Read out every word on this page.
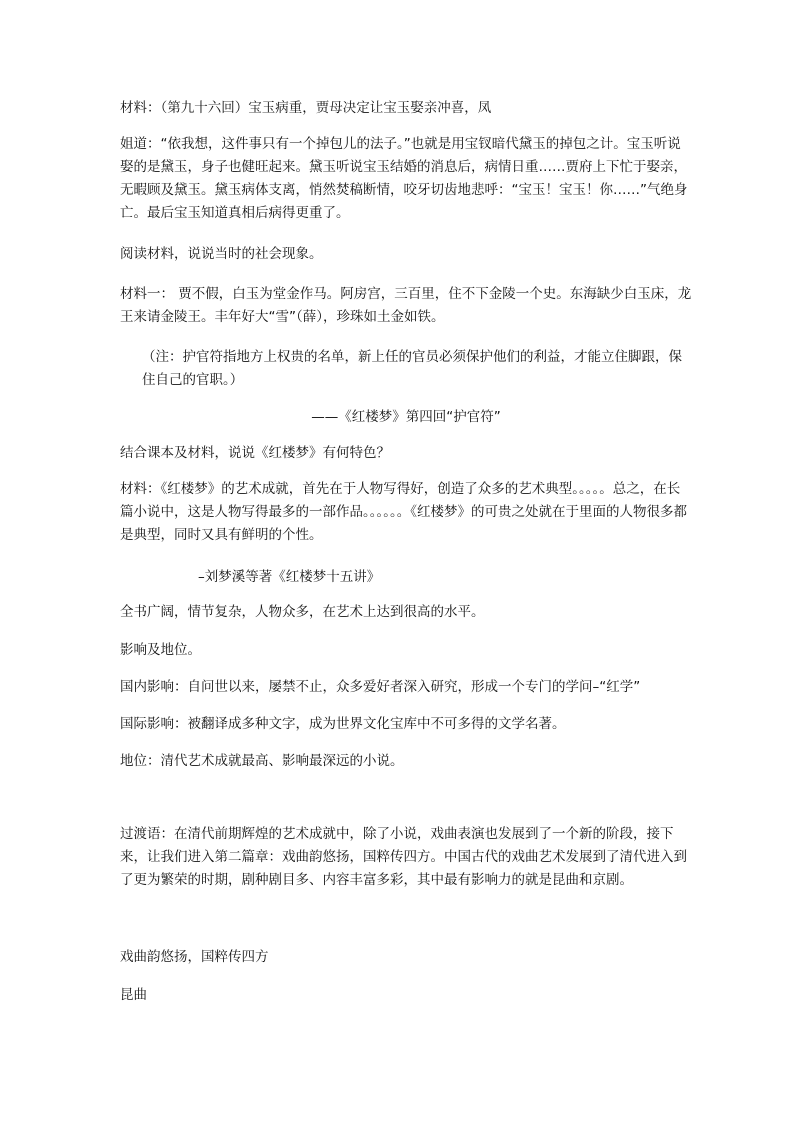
材料：（第九十六回）宝玉病重，贾母决定让宝玉娶亲冲喜，凤

姐道：“依我想，这件事只有一个掉包儿的法子。”也就是用宝钗暗代黛玉的掉包之计。宝玉听说娶的是黛玉，身子也健旺起来。黛玉听说宝玉结婚的消息后，病情日重……贾府上下忙于娶亲，无暇顾及黛玉。黛玉病体支离，悄然焚稿断情，咬牙切齿地悲呼：“宝玉！宝玉！你……”气绝身亡。最后宝玉知道真相后病得更重了。

阅读材料，说说当时的社会现象。

材料一： 贾不假，白玉为堂金作马。阿房宫，三百里，住不下金陵一个史。东海缺少白玉床，龙王来请金陵王。丰年好大“雪”（薛），珍珠如土金如铁。

（注：护官符指地方上权贵的名单，新上任的官员必须保护他们的利益，才能立住脚跟，保住自己的官职。）

——《红楼梦》第四回“护官符”

结合课本及材料，说说《红楼梦》有何特色？

材料：《红楼梦》的艺术成就，首先在于人物写得好，创造了众多的艺术典型。。。。。总之，在长篇小说中，这是人物写得最多的一部作品。。。。。。《红楼梦》的可贵之处就在于里面的人物很多都是典型，同时又具有鲜明的个性。

–刘梦溪等著《红楼梦十五讲》

全书广阔，情节复杂，人物众多，在艺术上达到很高的水平。

影响及地位。

国内影响：自问世以来，屡禁不止，众多爱好者深入研究，形成一个专门的学问–“红学”

国际影响：被翻译成多种文字，成为世界文化宝库中不可多得的文学名著。

地位：清代艺术成就最高、影响最深远的小说。

过渡语：在清代前期辉煌的艺术成就中，除了小说，戏曲表演也发展到了一个新的阶段，接下来，让我们进入第二篇章：戏曲韵悠扬，国粹传四方。中国古代的戏曲艺术发展到了清代进入到了更为繁荣的时期，剧种剧目多、内容丰富多彩，其中最有影响力的就是昆曲和京剧。

戏曲韵悠扬，国粹传四方

昆曲
